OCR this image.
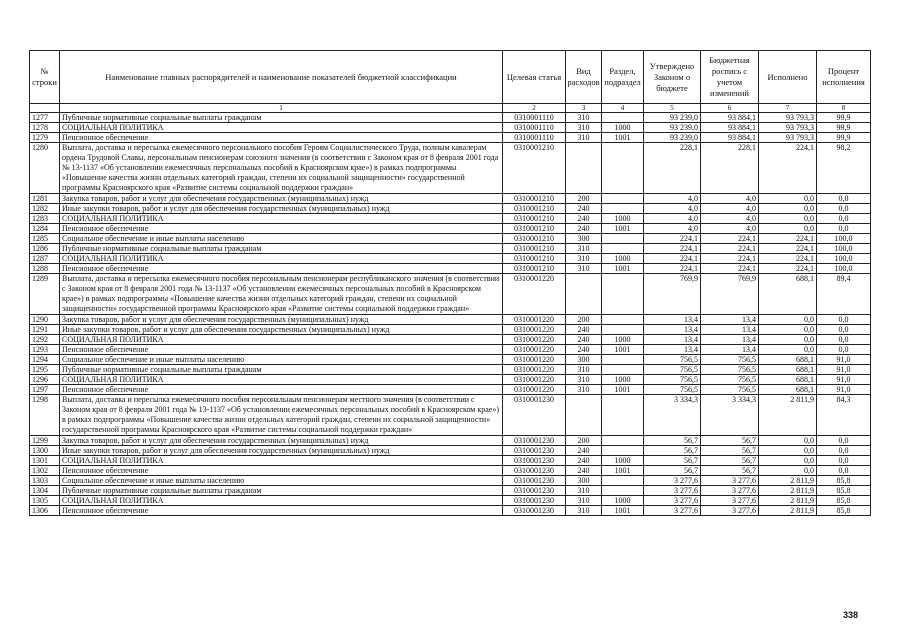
№ строки	Наименование главных распорядителей и наименование показателей бюджетной классификации	Целевая статья	Вид расходов	Раздел, подраздел	Утверждено Законом о бюджете	Бюджетная роспись с учетом изменений	Исполнено	Процент исполнения
	1	2	3	4	5	6	7	8
1277	Публичные нормативные социальные выплаты гражданам	0310001110	310		93 239,0	93 884,1	93 793,3	99,9
1278	СОЦИАЛЬНАЯ ПОЛИТИКА	0310001110	310	1000	93 239,0	93 884,1	93 793,3	99,9
1279	Пенсионное обеспечение	0310001110	310	1001	93 239,0	93 884,1	93 793,3	99,9
1280	Выплата, доставка и пересылка ежемесячного персонального пособия Героям Социалистического Труда, полным кавалерам ордена Трудовой Славы, персональным пенсионерам союзного значения (в соответствии с Законом края от 8 февраля 2001 года № 13-1137 «Об установлении ежемесячных персональных пособий в Красноярском крае») в рамках подпрограммы «Повышение качества жизни отдельных категорий граждан, степени их социальной защищенности» государственной программы Красноярского края «Развитие системы социальной поддержки граждан»	0310001210			228,1	228,1	224,1	98,2
1281	Закупка товаров, работ и услуг для обеспечения государственных (муниципальных) нужд	0310001210	200		4,0	4,0	0,0	0,0
1282	Иные закупки товаров, работ и услуг для обеспечения государственных (муниципальных) нужд	0310001210	240		4,0	4,0	0,0	0,0
1283	СОЦИАЛЬНАЯ ПОЛИТИКА	0310001210	240	1000	4,0	4,0	0,0	0,0
1284	Пенсионное обеспечение	0310001210	240	1001	4,0	4,0	0,0	0,0
1285	Социальное обеспечение и иные выплаты населению	0310001210	300		224,1	224,1	224,1	100,0
1286	Публичные нормативные социальные выплаты гражданам	0310001210	310		224,1	224,1	224,1	100,0
1287	СОЦИАЛЬНАЯ ПОЛИТИКА	0310001210	310	1000	224,1	224,1	224,1	100,0
1288	Пенсионное обеспечение	0310001210	310	1001	224,1	224,1	224,1	100,0
1289	Выплата, доставка и пересылка ежемесячного пособия персональным пенсионерам республиканского значения (в соответствии с Законом края от 8 февраля 2001 года № 13-1137 «Об установлении ежемесячных персональных пособий в Красноярском крае») в рамках подпрограммы «Повышение качества жизни отдельных категорий граждан, степени их социальной защищенности» государственной программы Красноярского края «Развитие системы социальной поддержки граждан»	0310001220			769,9	769,9	688,1	89,4
1290	Закупка товаров, работ и услуг для обеспечения государственных (муниципальных) нужд	0310001220	200		13,4	13,4	0,0	0,0
1291	Иные закупки товаров, работ и услуг для обеспечения государственных (муниципальных) нужд	0310001220	240		13,4	13,4	0,0	0,0
1292	СОЦИАЛЬНАЯ ПОЛИТИКА	0310001220	240	1000	13,4	13,4	0,0	0,0
1293	Пенсионное обеспечение	0310001220	240	1001	13,4	13,4	0,0	0,0
1294	Социальное обеспечение и иные выплаты населению	0310001220	300		756,5	756,5	688,1	91,0
1295	Публичные нормативные социальные выплаты гражданам	0310001220	310		756,5	756,5	688,1	91,0
1296	СОЦИАЛЬНАЯ ПОЛИТИКА	0310001220	310	1000	756,5	756,5	688,1	91,0
1297	Пенсионное обеспечение	0310001220	310	1001	756,5	756,5	688,1	91,0
1298	Выплата, доставка и пересылка ежемесячного пособия персональным пенсионерам местного значения (в соответствии с Законом края от 8 февраля 2001 года № 13-1137 «Об установлении ежемесячных персональных пособий в Красноярском крае») в рамках подпрограммы «Повышение качества жизни отдельных категорий граждан, степени их социальной защищенности» государственной программы Красноярского края «Развитие системы социальной поддержки граждан»	0310001230			3 334,3	3 334,3	2 811,9	84,3
1299	Закупка товаров, работ и услуг для обеспечения государственных (муниципальных) нужд	0310001230	200		56,7	56,7	0,0	0,0
1300	Иные закупки товаров, работ и услуг для обеспечения государственных (муниципальных) нужд	0310001230	240		56,7	56,7	0,0	0,0
1301	СОЦИАЛЬНАЯ ПОЛИТИКА	0310001230	240	1000	56,7	56,7	0,0	0,0
1302	Пенсионное обеспечение	0310001230	240	1001	56,7	56,7	0,0	0,0
1303	Социальное обеспечение и иные выплаты населению	0310001230	300		3 277,6	3 277,6	2 811,9	85,8
1304	Публичные нормативные социальные выплаты гражданам	0310001230	310		3 277,6	3 277,6	2 811,9	85,8
1305	СОЦИАЛЬНАЯ ПОЛИТИКА	0310001230	310	1000	3 277,6	3 277,6	2 811,9	85,8
1306	Пенсионное обеспечение	0310001230	310	1001	3 277,6	3 277,6	2 811,9	85,8
338
